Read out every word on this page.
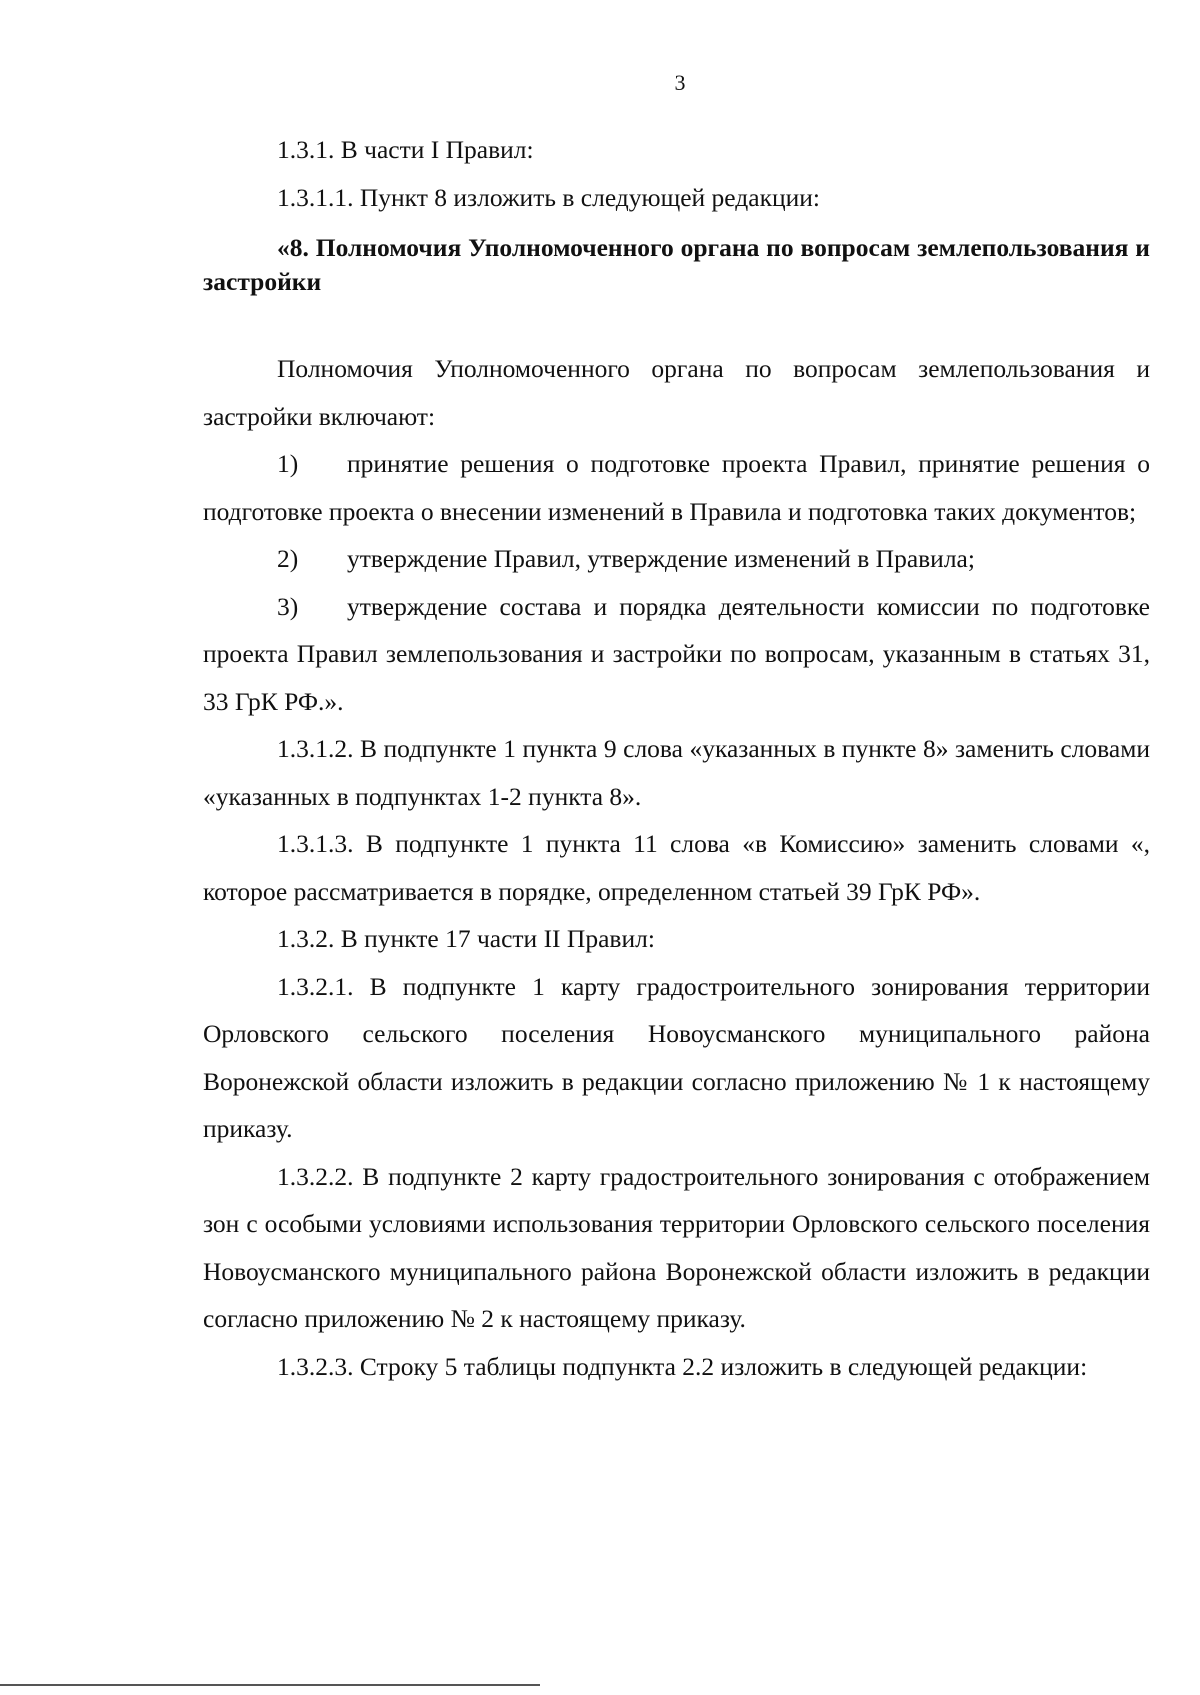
3

1.3.1. В части I Правил:

1.3.1.1. Пункт 8 изложить в следующей редакции:

«8. Полномочия Уполномоченного органа по вопросам землепользования и застройки

Полномочия Уполномоченного органа по вопросам землепользования и застройки включают:

1) принятие решения о подготовке проекта Правил, принятие решения о подготовке проекта о внесении изменений в Правила и подготовка таких документов;

2) утверждение Правил, утверждение изменений в Правила;

3) утверждение состава и порядка деятельности комиссии по подготовке проекта Правил землепользования и застройки по вопросам, указанным в статьях 31, 33 ГрК РФ.».

1.3.1.2. В подпункте 1 пункта 9 слова «указанных в пункте 8» заменить словами «указанных в подпунктах 1-2 пункта 8».

1.3.1.3. В подпункте 1 пункта 11 слова «в Комиссию» заменить словами «, которое рассматривается в порядке, определенном статьей 39 ГрК РФ».

1.3.2. В пункте 17 части II Правил:

1.3.2.1. В подпункте 1 карту градостроительного зонирования территории Орловского сельского поселения Новоусманского муниципального района Воронежской области изложить в редакции согласно приложению № 1 к настоящему приказу.

1.3.2.2. В подпункте 2 карту градостроительного зонирования с отображением зон с особыми условиями использования территории Орловского сельского поселения Новоусманского муниципального района Воронежской области изложить в редакции согласно приложению № 2 к настоящему приказу.

1.3.2.3. Строку 5 таблицы подпункта 2.2 изложить в следующей редакции:
